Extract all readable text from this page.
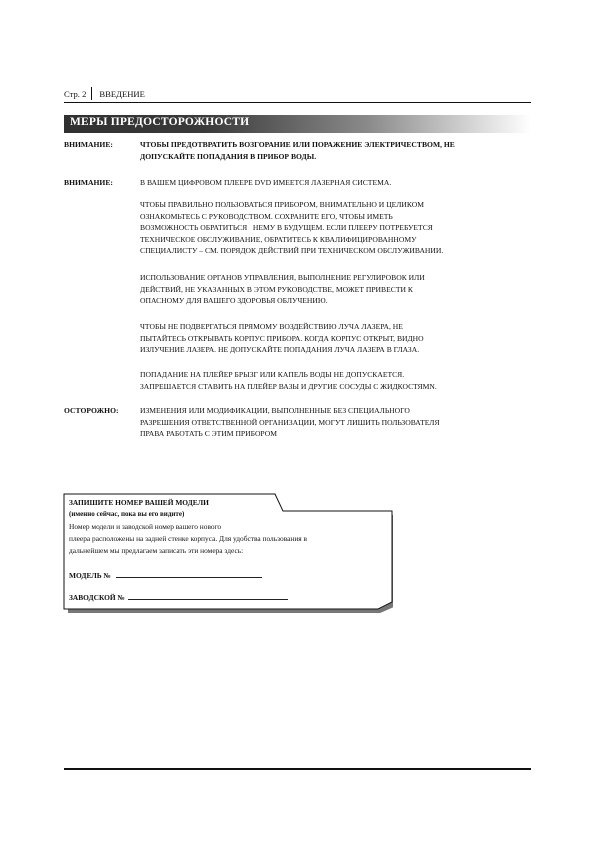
Стр. 2 ВВЕДЕНИЕ
МЕРЫ ПРЕДОСТОРОЖНОСТИ
ВНИМАНИЕ:	ЧТОБЫ ПРЕДОТВРАТИТЬ ВОЗГОРАНИЕ ИЛИ ПОРАЖЕНИЕ ЭЛЕКТРИЧЕСТВОМ, НЕ
ДОПУСКАЙТЕ ПОПАДАНИЯ В ПРИБОР ВОДЫ.
ВНИМАНИЕ:	В ВАШЕМ ЦИФРОВОМ ПЛЕЕРЕ DVD ИМЕЕТСЯ ЛАЗЕРНАЯ СИСТЕМА.
ЧТОБЫ ПРАВИЛЬНО ПОЛЬЗОВАТЬСЯ ПРИБОРОМ, ВНИМАТЕЛЬНО И ЦЕЛИКОМ
ОЗНАКОМЬТЕСЬ С РУКОВОДСТВОМ. СОХРАНИТЕ ЕГО, ЧТОБЫ ИМЕТЬ
ВОЗМОЖНОСТЬ ОБРАТИТЬСЯ   НЕМУ В БУДУЩЕМ. ЕСЛИ ПЛЕЕРУ ПОТРЕБУЕТСЯ
ТЕХНИЧЕСКОЕ ОБСЛУЖИВАНИЕ, ОБРАТИТЕСЬ К КВАЛИФИЦИРОВАННОМУ
СПЕЦИАЛИСТУ – СМ. ПОРЯДОК ДЕЙСТВИЙ ПРИ ТЕХНИЧЕСКОМ ОБСЛУЖИВАНИИ.
ИСПОЛЬЗОВАНИЕ ОРГАНОВ УПРАВЛЕНИЯ, ВЫПОЛНЕНИЕ РЕГУЛИРОВОК ИЛИ
ДЕЙСТВИЙ, НЕ УКАЗАННЫХ В ЭТОМ РУКОВОДСТВЕ, МОЖЕТ ПРИВЕСТИ К
ОПАСНОМУ ДЛЯ ВАШЕГО ЗДОРОВЬЯ ОБЛУЧЕНИЮ.
ЧТОБЫ НЕ ПОДВЕРГАТЬСЯ ПРЯМОМУ ВОЗДЕЙСТВИЮ ЛУЧА ЛАЗЕРА, НЕ
ПЫТАЙТЕСЬ ОТКРЫВАТЬ КОРПУС ПРИБОРА. КОГДА КОРПУС ОТКРЫТ, ВИДНО
ИЗЛУЧЕНИЕ ЛАЗЕРА. НЕ ДОПУСКАЙТЕ ПОПАДАНИЯ ЛУЧА ЛАЗЕРА В ГЛАЗА.
ПОПАДАНИЕ НА ПЛЕЙЕР БРЫЗГ ИЛИ КАПЕЛЬ ВОДЫ НЕ ДОПУСКАЕТСЯ.
ЗАПРЕШАЕТСЯ СТАВИТЬ НА ПЛЕЙЕР ВАЗЫ И ДРУГИЕ СОСУДЫ С ЖИДКОСТЯМN.
ОСТОРОЖНО:	ИЗМЕНЕНИЯ ИЛИ МОДИФИКАЦИИ, ВЫПОЛНЕННЫЕ БЕЗ СПЕЦИАЛЬНОГО
РАЗРЕШЕНИЯ ОТВЕТСТВЕННОЙ ОРГАНИЗАЦИИ, МОГУТ ЛИШИТЬ ПОЛЬЗОВАТЕЛЯ
ПРАВА РАБОТАТЬ С ЭТИМ ПРИБОРОМ
ЗАПИШИТЕ НОМЕР ВАШЕЙ МОДЕЛИ
(именно сейчас, пока вы его видите)
Номер модели и заводской номер вашего нового
плеера расположены на задней стенке корпуса. Для удобства пользования в
дальнейшем мы предлагаем записать эти номера здесь:
МОДЕЛЬ №
ЗАВОДСКОЙ №
